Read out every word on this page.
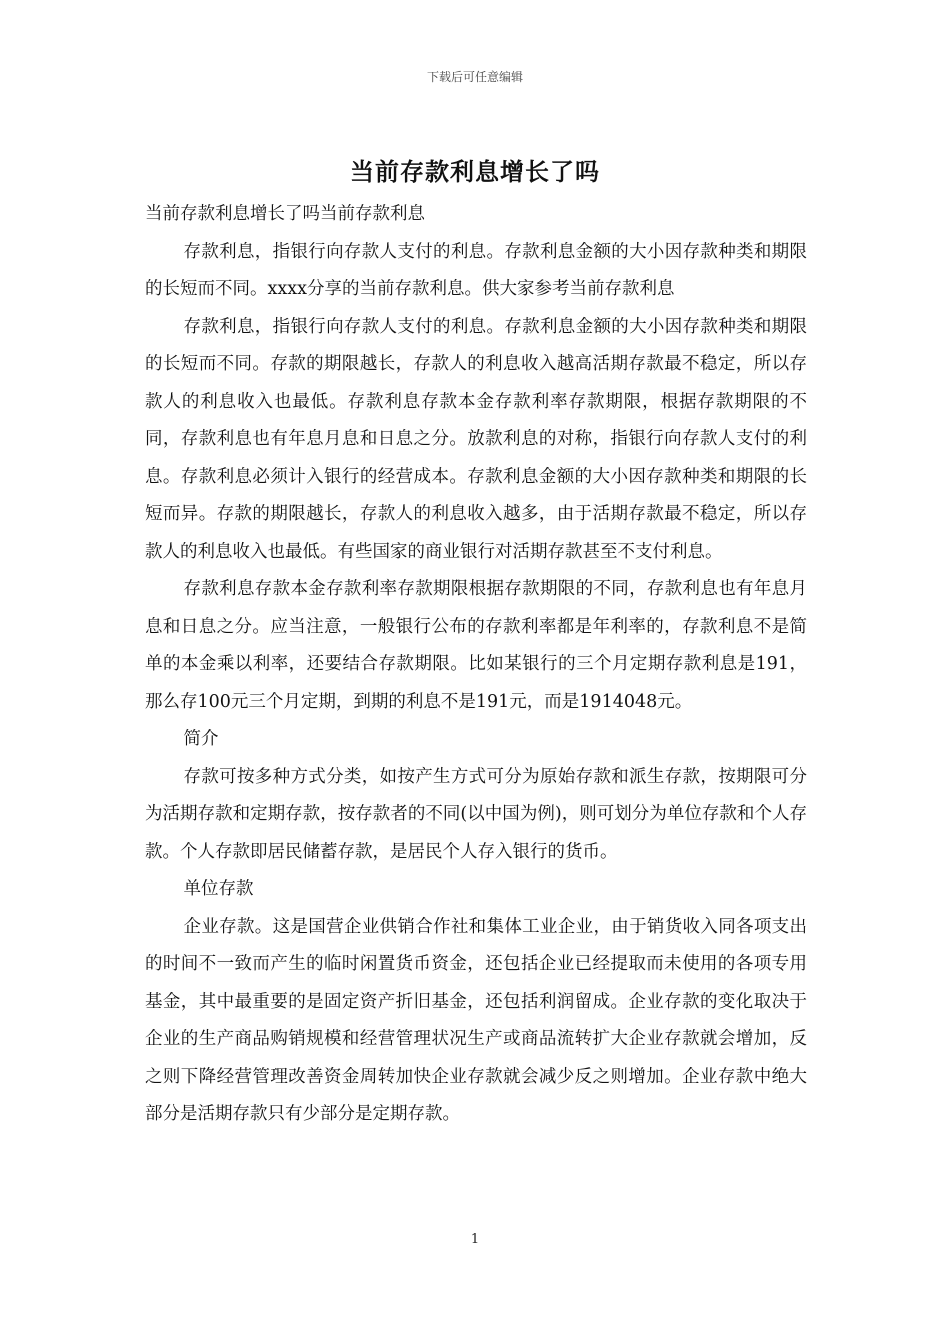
下载后可任意编辑
当前存款利息增长了吗

当前存款利息增长了吗当前存款利息

存款利息，指银行向存款人支付的利息。存款利息金额的大小因存款种类和期限的长短而不同。xxxx分享的当前存款利息。供大家参考当前存款利息

存款利息，指银行向存款人支付的利息。存款利息金额的大小因存款种类和期限的长短而不同。存款的期限越长，存款人的利息收入越高活期存款最不稳定，所以存款人的利息收入也最低。存款利息存款本金存款利率存款期限，根据存款期限的不同，存款利息也有年息月息和日息之分。放款利息的对称，指银行向存款人支付的利息。存款利息必须计入银行的经营成本。存款利息金额的大小因存款种类和期限的长短而异。存款的期限越长，存款人的利息收入越多，由于活期存款最不稳定，所以存款人的利息收入也最低。有些国家的商业银行对活期存款甚至不支付利息。

存款利息存款本金存款利率存款期限根据存款期限的不同，存款利息也有年息月息和日息之分。应当注意，一般银行公布的存款利率都是年利率的，存款利息不是简单的本金乘以利率，还要结合存款期限。比如某银行的三个月定期存款利息是191，那么存100元三个月定期，到期的利息不是191元，而是1914048元。

简介

存款可按多种方式分类，如按产生方式可分为原始存款和派生存款，按期限可分为活期存款和定期存款，按存款者的不同(以中国为例)，则可划分为单位存款和个人存款。个人存款即居民储蓄存款，是居民个人存入银行的货币。

单位存款

企业存款。这是国营企业供销合作社和集体工业企业，由于销货收入同各项支出的时间不一致而产生的临时闲置货币资金，还包括企业已经提取而未使用的各项专用基金，其中最重要的是固定资产折旧基金，还包括利润留成。企业存款的变化取决于企业的生产商品购销规模和经营管理状况生产或商品流转扩大企业存款就会增加，反之则下降经营管理改善资金周转加快企业存款就会减少反之则增加。企业存款中绝大部分是活期存款只有少部分是定期存款。

1
